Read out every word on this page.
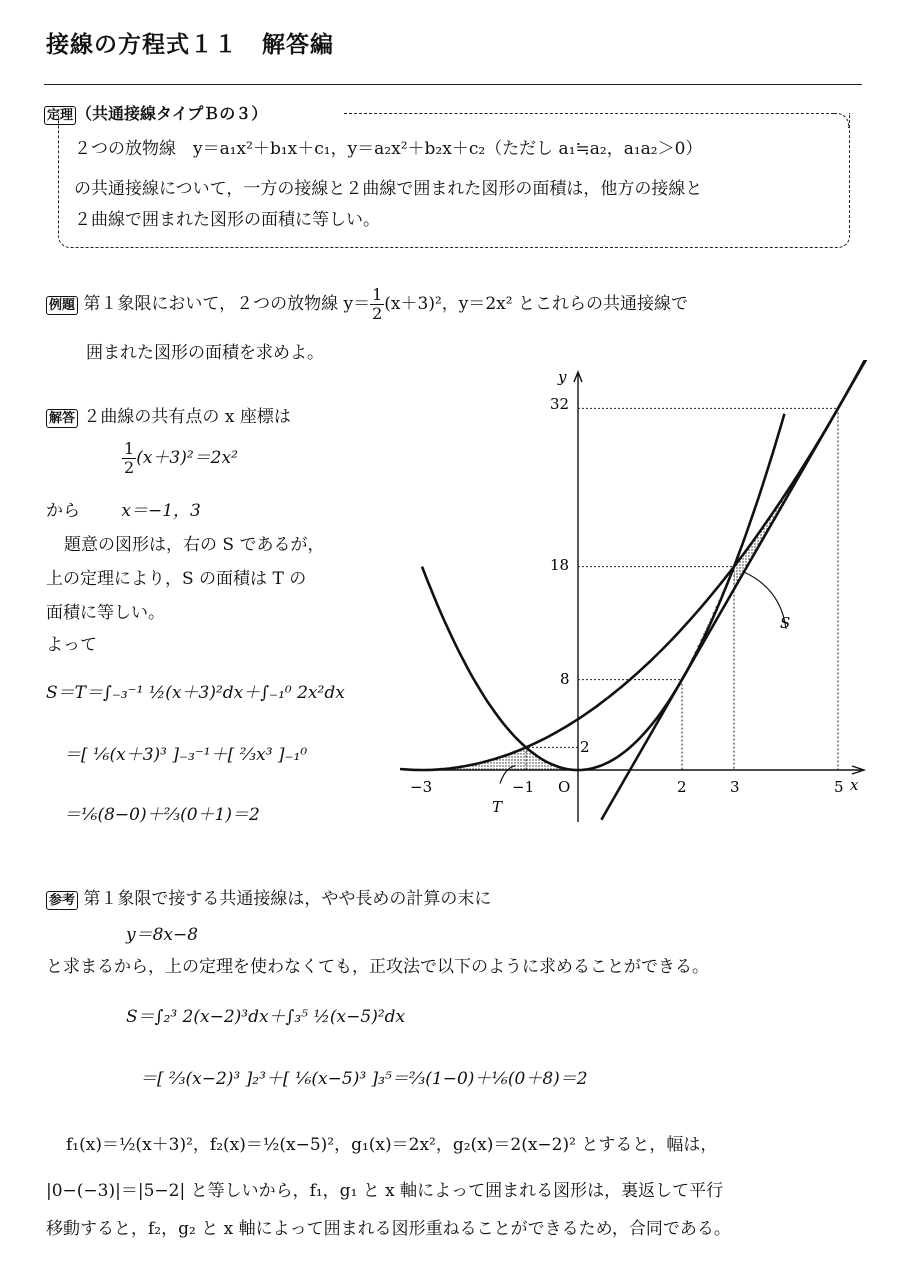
接線の方程式１１　解答編
定理 （共通接線タイプＢの３）
２つの放物線　y＝a₁x²＋b₁x＋c₁，y＝a₂x²＋b₂x＋c₂（ただし a₁≒a₂，a₁a₂＞0）
の共通接線について，一方の接線と２曲線で囲まれた図形の面積は，他方の接線と
２曲線で囲まれた図形の面積に等しい。
例題 第１象限において，２つの放物線 $y= \frac{1}{2} (x+3)^2$，y＝2x² とこれらの共通接線で
囲まれた図形の面積を求めよ。
解答 ２曲線の共有点の x 座標は
$\frac{1}{2} (x+3)^2=2x^2$
から x＝−1，3
題意の図形は，右の S であるが，
上の定理により，S の面積は T の
面積に等しい。
よって
S＝T＝∫₋₃⁻¹ ½(x＋3)²dx＋∫₋₁⁰ 2x²dx
＝[ ⅙(x＋3)³ ]₋₃⁻¹＋[ ⅔x³ ]₋₁⁰
＝⅙(8−0)＋⅔(0＋1)＝2
y
x
O
32
18
8
2
−3	−1	2	3	5
S
T
参考 第１象限で接する共通接線は，やや長めの計算の末に
y＝8x−8
と求まるから，上の定理を使わなくても，正攻法で以下のように求めることができる。
S＝∫₂³ 2(x−2)³dx＋∫₃⁵ ½(x−5)²dx
＝[ ⅔(x−2)³ ]₂³＋[ ⅙(x−5)³ ]₃⁵＝⅔(1−0)＋⅙(0＋8)＝2
f₁(x)＝½(x＋3)²，f₂(x)＝½(x−5)²，g₁(x)＝2x²，g₂(x)＝2(x−2)² とすると，幅は，
|0−(−3)|＝|5−2| と等しいから，f₁，g₁ と x 軸によって囲まれる図形は，裏返して平行
移動すると，f₂，g₂ と x 軸によって囲まれる図形重ねることができるため，合同である。
